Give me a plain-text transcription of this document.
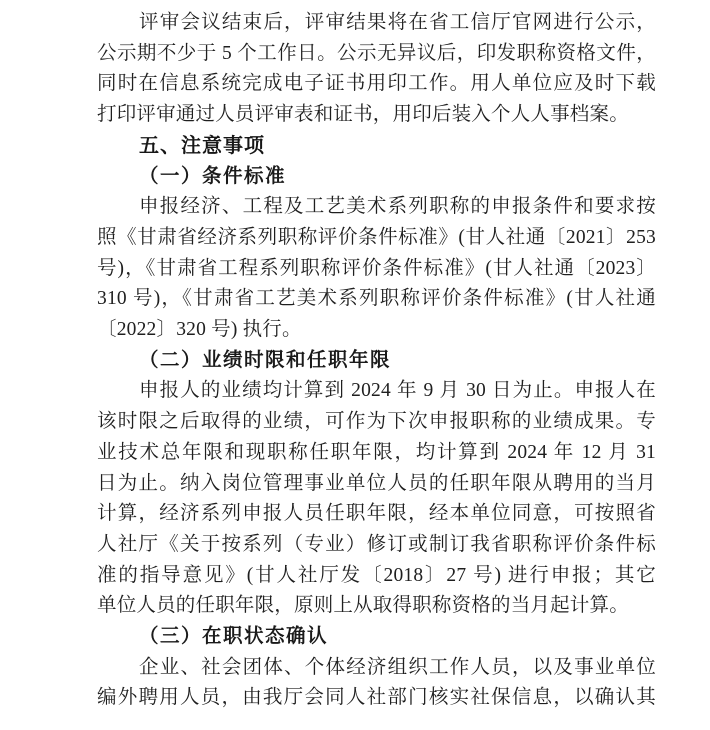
评审会议结束后，评审结果将在省工信厅官网进行公示，
公示期不少于 5 个工作日。公示无异议后，印发职称资格文件，
同时在信息系统完成电子证书用印工作。用人单位应及时下载
打印评审通过人员评审表和证书，用印后装入个人人事档案。
五、注意事项
（一）条件标准
申报经济、工程及工艺美术系列职称的申报条件和要求按
照《甘肃省经济系列职称评价条件标准》(甘人社通〔2021〕253
号)，《甘肃省工程系列职称评价条件标准》(甘人社通〔2023〕
310 号)，《甘肃省工艺美术系列职称评价条件标准》(甘人社通
〔2022〕320 号) 执行。
（二）业绩时限和任职年限
申报人的业绩均计算到 2024 年 9 月 30 日为止。申报人在
该时限之后取得的业绩，可作为下次申报职称的业绩成果。专
业技术总年限和现职称任职年限，均计算到 2024 年 12 月 31
日为止。纳入岗位管理事业单位人员的任职年限从聘用的当月
计算，经济系列申报人员任职年限，经本单位同意，可按照省
人社厅《关于按系列（专业）修订或制订我省职称评价条件标
准的指导意见》(甘人社厅发〔2018〕27 号) 进行申报；其它
单位人员的任职年限，原则上从取得职称资格的当月起计算。
（三）在职状态确认
企业、社会团体、个体经济组织工作人员，以及事业单位
编外聘用人员，由我厅会同人社部门核实社保信息，以确认其
